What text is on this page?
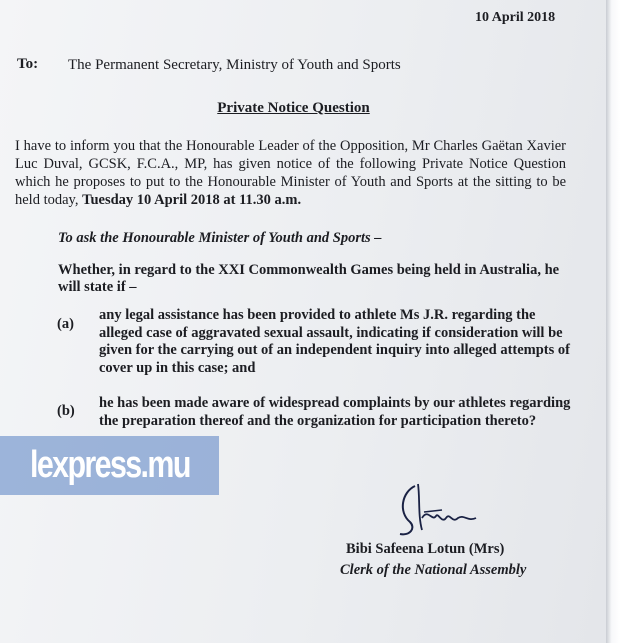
10 April 2018

To: The Permanent Secretary, Ministry of Youth and Sports

Private Notice Question

I have to inform you that the Honourable Leader of the Opposition, Mr Charles Gaëtan Xavier Luc Duval, GCSK, F.C.A., MP, has given notice of the following Private Notice Question which he proposes to put to the Honourable Minister of Youth and Sports at the sitting to be held today, Tuesday 10 April 2018 at 11.30 a.m.

To ask the Honourable Minister of Youth and Sports –

Whether, in regard to the XXI Commonwealth Games being held in Australia, he will state if –

(a)

any legal assistance has been provided to athlete Ms J.R. regarding the alleged case of aggravated sexual assault, indicating if consideration will be given for the carrying out of an independent inquiry into alleged attempts of cover up in this case; and

(b) he has been made aware of widespread complaints by our athletes regarding the preparation thereof and the organization for participation thereto?

lexpress.mu

Bibi Safeena Lotun (Mrs)

Clerk of the National Assembly
